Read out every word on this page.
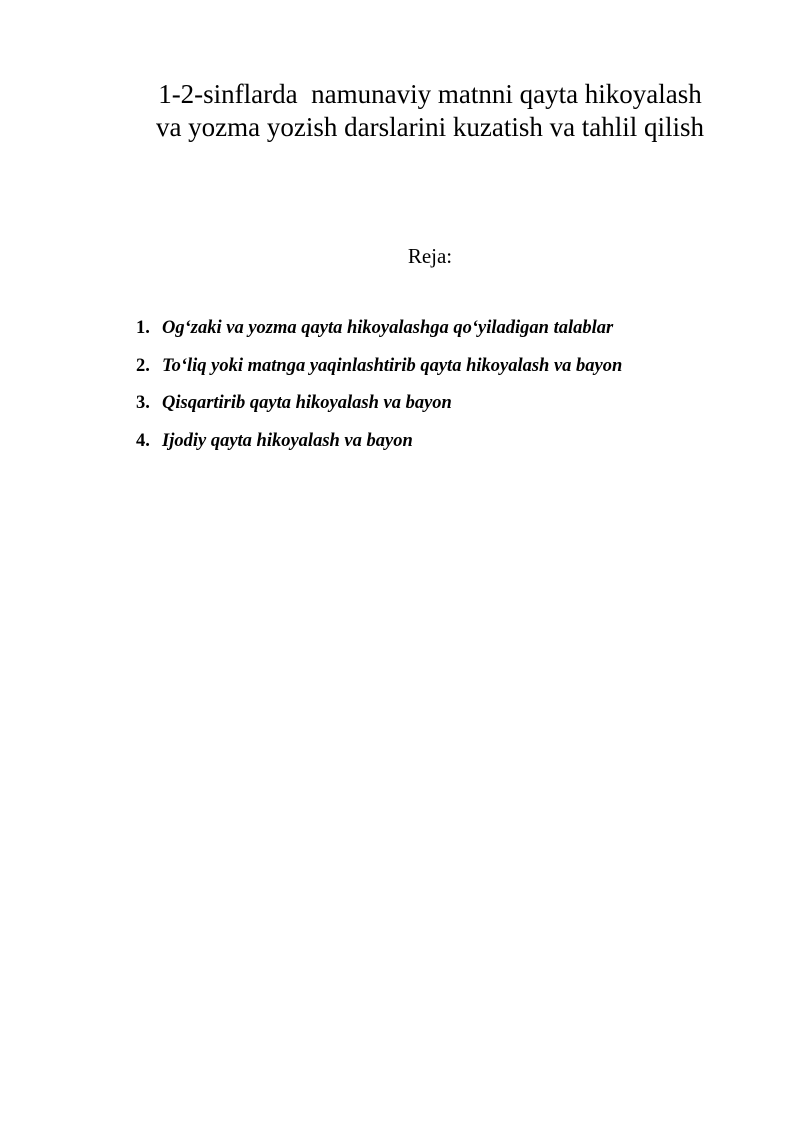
1-2-sinflarda  namunaviy matnni qayta hikoyalash
va yozma yozish darslarini kuzatish va tahlil qilish
Reja:
1. Og‘zaki va yozma qayta hikoyalashga qo‘yiladigan talablar
2. To‘liq yoki matnga yaqinlashtirib qayta hikoyalash va bayon
3. Qisqartirib qayta hikoyalash va bayon
4. Ijodiy qayta hikoyalash va bayon
